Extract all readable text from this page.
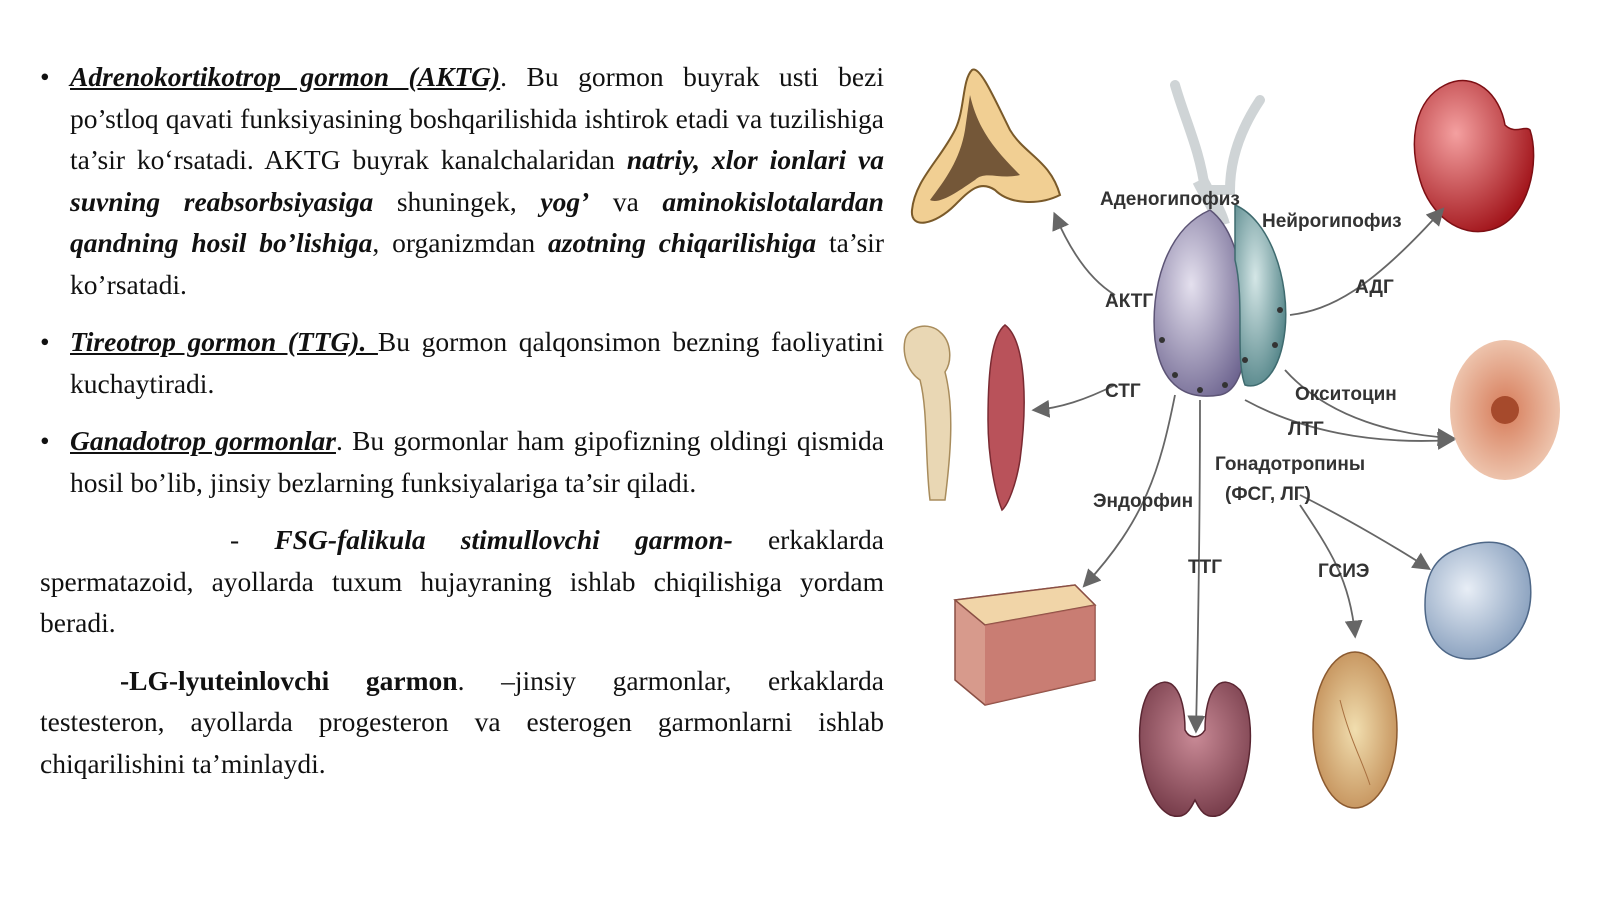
• Adrenokortikotrop gormon (AKTG). Bu gormon buyrak usti bezi po’stloq qavati funksiyasining boshqarilishida ishtirok etadi va tuzilishiga ta’sir ko‘rsatadi. AKTG buyrak kanalchalaridan natriy, xlor ionlari va suvning reabsorbsiyasiga shuningek, yog’ va aminokislotalardan qandning hosil bo’lishiga, organizmdan azotning chiqarilishiga ta’sir ko’rsatadi.

• Tireotrop gormon (TTG). Bu gormon qalqonsimon bezning faoliyatini kuchaytiradi.

• Ganadotrop gormonlar. Bu gormonlar ham gipofizning oldingi qismida hosil bo’lib, jinsiy bezlarning funksiyalariga ta’sir qiladi.

- FSG-falikula stimullovchi garmon- erkaklarda spermatazoid, ayollarda tuxum hujayraning ishlab chiqilishiga yordam beradi.

-LG-lyuteinlovchi garmon. –jinsiy garmonlar, erkaklarda testesteron, ayollarda progesteron va esterogen garmonlarni ishlab chiqarilishini ta’minlaydi.

Аденогипофиз
Нейрогипофиз
АКТГ
АДГ
СТГ	Окситоцин
ЛТГ
Гонадотропины
(ФСГ, ЛГ)
Эндорфин
ТТГ	ГСИЭ
